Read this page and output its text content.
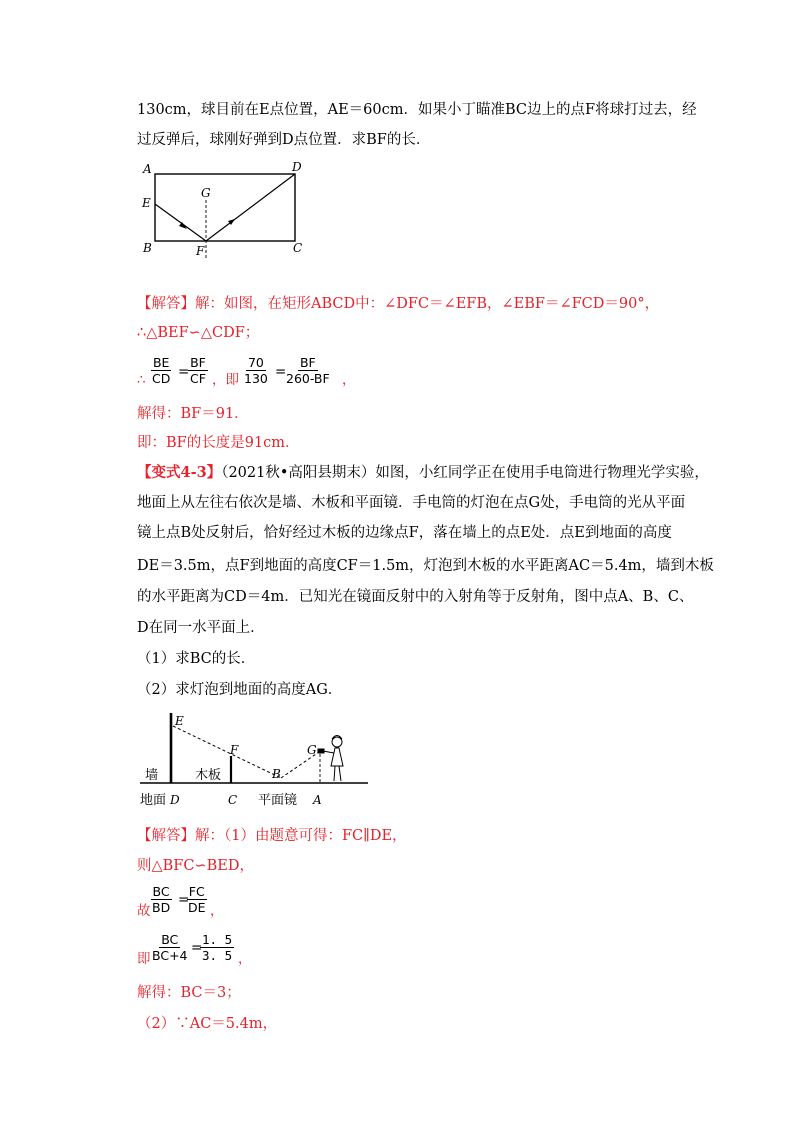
130cm，球目前在E点位置，AE＝60cm．如果小丁瞄准BC边上的点F将球打过去，经
过反弹后，球刚好弹到D点位置．求BF的长．
A	D
E
G
B	F	C
【解答】解：如图，在矩形ABCD中：∠DFC＝∠EFB，∠EBF＝∠FCD＝90°，
∴△BEF∽△CDF；
∴ $\frac{BE}{CD}$ =
$\frac{BF}{CF}$ ，即 $\frac{70}{130}$ =
$\frac{BF}{260-BF}$ ，
解得：BF＝91．
即：BF的长度是91cm．
【变式4-3】（2021秋•高阳县期末）如图，小红同学正在使用手电筒进行物理光学实验，
地面上从左往右依次是墙、木板和平面镜．手电筒的灯泡在点G处，手电筒的光从平面
镜上点B处反射后，恰好经过木板的边缘点F，落在墙上的点E处．点E到地面的高度
DE＝3.5m，点F到地面的高度CF＝1.5m，灯泡到木板的水平距离AC＝5.4m，墙到木板
的水平距离为CD＝4m．已知光在镜面反射中的入射角等于反射角，图中点A、B、C、
D在同一水平面上．
（1）求BC的长．
（2）求灯泡到地面的高度AG．
E
F	G
B
墙	木板
地面 D	C 平面镜 A
【解答】解：（1）由题意可得：FC∥DE，
则△BFC∽BED，
故 $\frac{BC}{BD}$ =
$\frac{FC}{DE}$ ，
即 $\frac{BC}{BC+4}$ =
$\frac{1. 5}{3. 5}$ ，
解得：BC＝3；
（2）∵AC＝5.4m，
